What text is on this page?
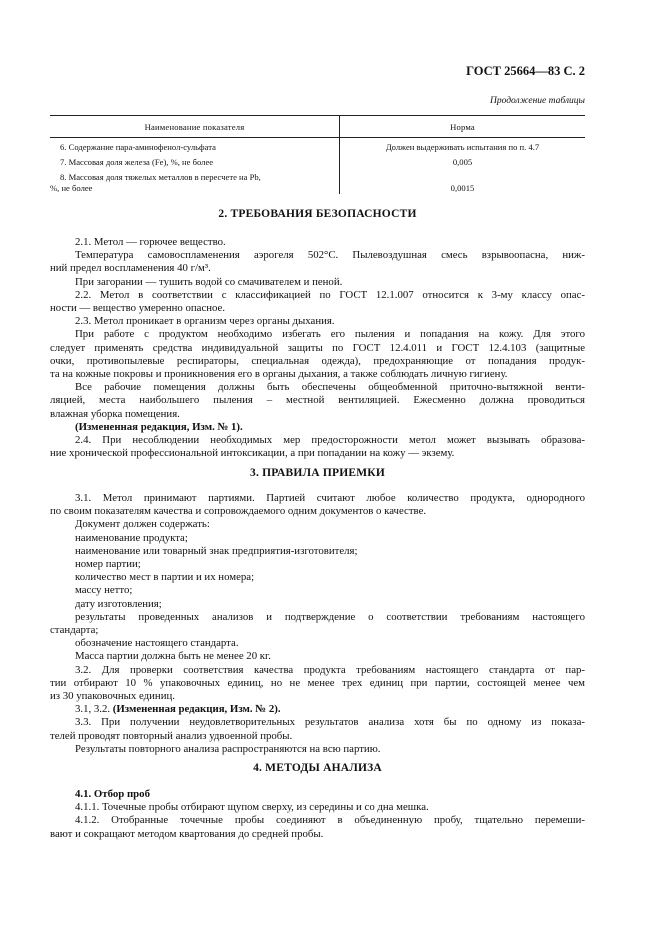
ГОСТ 25664—83 С. 2
Продолжение таблицы
Наименование показателя	Норма
6. Содержание пара-аминофенол-сульфата	Должен выдерживать испытания по п. 4.7
7. Массовая доля железа (Fe), %, не более	0,005

8. Массовая доля тяжелых металлов в пересчете на Pb,
%, не более	0,0015
2. ТРЕБОВАНИЯ БЕЗОПАСНОСТИ

2.1. Метол — горючее вещество.

Температура самовоспламенения аэрогеля 502°С. Пылевоздушная смесь взрывоопасна, ниж-

ний предел воспламенения 40 г/м³.

При загорании — тушить водой со смачивателем и пеной.

2.2. Метол в соответствии с классификацией по ГОСТ 12.1.007 относится к 3-му классу опас-

ности — вещество умеренно опасное.

2.3. Метол проникает в организм через органы дыхания.

При работе с продуктом необходимо избегать его пыления и попадания на кожу. Для этого

следует применять средства индивидуальной защиты по ГОСТ 12.4.011 и ГОСТ 12.4.103 (защитные

очки, противопылевые респираторы, специальная одежда), предохраняющие от попадания продук-

та на кожные покровы и проникновения его в органы дыхания, а также соблюдать личную гигиену.

Все рабочие помещения должны быть обеспечены общеобменной приточно-вытяжной венти-

ляцией, места наибольшего пыления – местной вентиляцией. Ежесменно должна проводиться

влажная уборка помещения.

(Измененная редакция, Изм. № 1).

2.4. При несоблюдении необходимых мер предосторожности метол может вызывать образова-

ние хронической профессиональной интоксикации, а при попадании на кожу — экзему.

3. ПРАВИЛА ПРИЕМКИ

3.1. Метол принимают партиями. Партией считают любое количество продукта, однородного

по своим показателям качества и сопровождаемого одним документов о качестве.

Документ должен содержать:

наименование продукта;

наименование или товарный знак предприятия-изготовителя;

номер партии;

количество мест в партии и их номера;

массу нетто;

дату изготовления;

результаты проведенных анализов и подтверждение о соответствии требованиям настоящего

стандарта;

обозначение настоящего стандарта.

Масса партии должна быть не менее 20 кг.

3.2. Для проверки соответствия качества продукта требованиям настоящего стандарта от пар-

тии отбирают 10 % упаковочных единиц, но не менее трех единиц при партии, состоящей менее чем

из 30 упаковочных единиц.

3.1, 3.2. (Измененная редакция, Изм. № 2).

3.3. При получении неудовлетворительных результатов анализа хотя бы по одному из показа-

телей проводят повторный анализ удвоенной пробы.

Результаты повторного анализа распространяются на всю партию.

4. МЕТОДЫ АНАЛИЗА

4.1. Отбор проб

4.1.1. Точечные пробы отбирают щупом сверху, из середины и со дна мешка.

4.1.2. Отобранные точечные пробы соединяют в объединенную пробу, тщательно перемеши-

вают и сокращают методом квартования до средней пробы.
